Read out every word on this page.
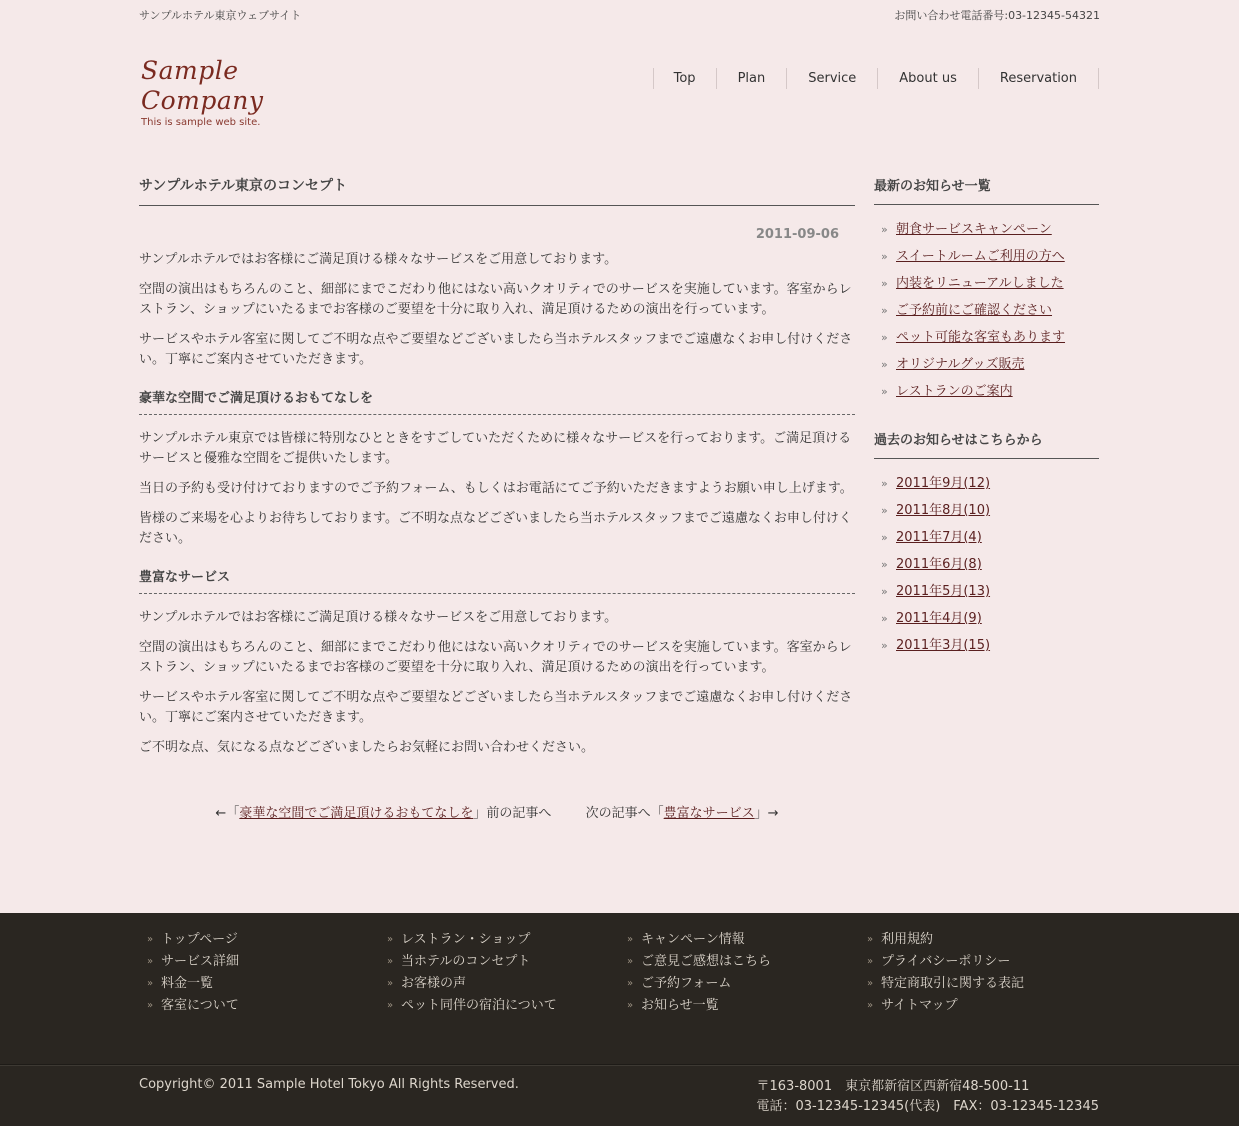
サンプルホテル東京ウェブサイト	お問い合わせ電話番号:03-12345-54321
Sample Company
This is sample web site.
Top	Plan	Service	About us	Reservation
サンプルホテル東京のコンセプト
2011-09-06

サンプルホテルではお客様にご満足頂ける様々なサービスをご用意しております。

空間の演出はもちろんのこと、細部にまでこだわり他にはない高いクオリティでのサービスを実施しています。客室からレストラン、ショップにいたるまでお客様のご要望を十分に取り入れ、満足頂けるための演出を行っています。

サービスやホテル客室に関してご不明な点やご要望などございましたら当ホテルスタッフまでご遠慮なくお申し付けください。丁寧にご案内させていただきます。

豪華な空間でご満足頂けるおもてなしを

サンプルホテル東京では皆様に特別なひとときをすごしていただくために様々なサービスを行っております。ご満足頂けるサービスと優雅な空間をご提供いたします。

当日の予約も受け付けておりますのでご予約フォーム、もしくはお電話にてご予約いただきますようお願い申し上げます。

皆様のご来場を心よりお待ちしております。ご不明な点などございましたら当ホテルスタッフまでご遠慮なくお申し付けください。

豊富なサービス

サンプルホテルではお客様にご満足頂ける様々なサービスをご用意しております。

空間の演出はもちろんのこと、細部にまでこだわり他にはない高いクオリティでのサービスを実施しています。客室からレストラン、ショップにいたるまでお客様のご要望を十分に取り入れ、満足頂けるための演出を行っています。

サービスやホテル客室に関してご不明な点やご要望などございましたら当ホテルスタッフまでご遠慮なくお申し付けください。丁寧にご案内させていただきます。

ご不明な点、気になる点などございましたらお気軽にお問い合わせください。

←「豪華な空間でご満足頂けるおもてなしを」前の記事へ	次の記事へ「豊富なサービス」→
最新のお知らせ一覧
» 朝食サービスキャンペーン
» スイートルームご利用の方へ
» 内装をリニューアルしました
» ご予約前にご確認ください
» ペット可能な客室もあります
» オリジナルグッズ販売
» レストランのご案内
過去のお知らせはこちらから
» 2011年9月(12)
» 2011年8月(10)
» 2011年7月(4)
» 2011年6月(8)
» 2011年5月(13)
» 2011年4月(9)
» 2011年3月(15)
» トップページ
» サービス詳細
» 料金一覧
» 客室について
» レストラン・ショップ
» 当ホテルのコンセプト
» お客様の声
» ペット同伴の宿泊について
» キャンペーン情報
» ご意見ご感想はこちら
» ご予約フォーム
» お知らせ一覧
» 利用規約
» プライバシーポリシー
» 特定商取引に関する表記
» サイトマップ
Copyright© 2011 Sample Hotel Tokyo All Rights Reserved.	〒163-8001　東京都新宿区西新宿48-500-11
電話：03-12345-12345(代表)　FAX：03-12345-12345
